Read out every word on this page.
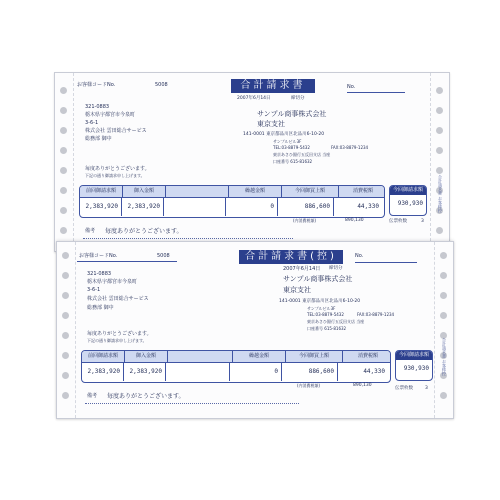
合計請求書 お客様控
お客様コードNo.	5008	合計請求書
2007年6月14日	締切分
No.
321-0883
栃木県宇都宮市今泉町
3-6-1
株式会社 雲田総合サービス
総務部 御中
サンプル商事株式会社
東京支社
141-0001 東京都品川区北品川6-10-20
サンプルビル3F
TEL:03-8879-5432	FAX:03-8879-1234
東京あさひ銀行五反田支店 当座
口座番号 615-81632
毎度ありがとうございます。
下記の通り御請求申し上げます。
前回御請求額	御入金額	繰越金額	今回御買上額	消費税額
2,383,920	2,383,920	0	886,600	44,330
今回御請求額
930,930
(内消費税額)	890,130	伝票枚数	3
備考 毎度ありがとうございます。
合計請求書 お客様控
お客様コードNo.	5008	合計請求書(控)
2007年6月14日 締切分
No.
321-0883
栃木県宇都宮市今泉町
3-6-1
株式会社 雲田総合サービス
総務部 御中
サンプル商事株式会社
東京支社
141-0001 東京都品川区北品川6-10-20
サンプルビル3F
TEL:03-8879-5432	FAX:03-8879-1234
東京あさひ銀行五反田支店 当座
口座番号 615-81632
毎度ありがとうございます。
下記の通り御請求申し上げます。
前回御請求額	御入金額	繰越金額	今回御買上額	消費税額
2,383,920	2,383,920	0	886,600	44,330
今回御請求額
930,930
(内消費税額)	890,130
伝票枚数	3
備考 毎度ありがとうございます。
